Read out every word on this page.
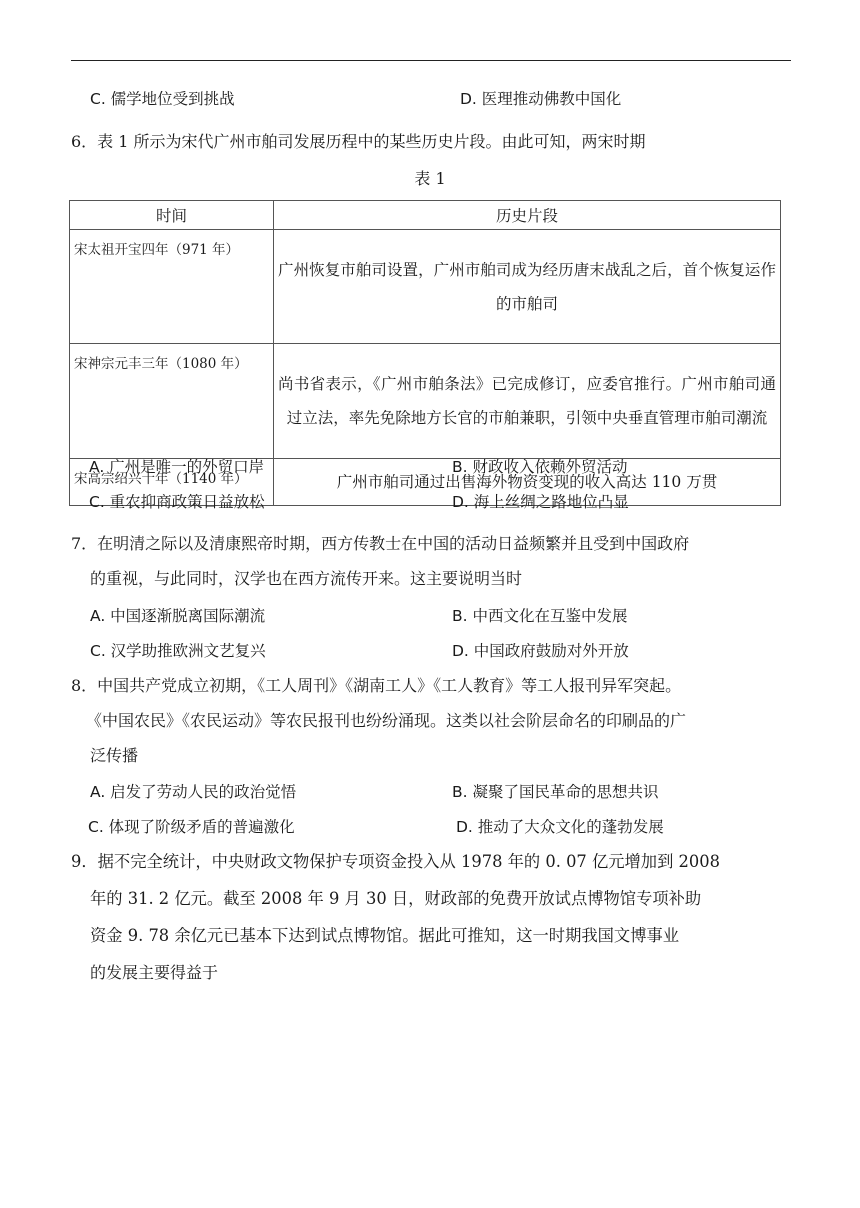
C. 儒学地位受到挑战	D. 医理推动佛教中国化
6．表 1 所示为宋代广州市舶司发展历程中的某些历史片段。由此可知，两宋时期
表 1
时间	历史片段
宋太祖开宝四年（971 年）	广州恢复市舶司设置，广州市舶司成为经历唐末战乱之后，首个恢复运作的市舶司
宋神宗元丰三年（1080 年）	尚书省表示，《广州市舶条法》已完成修订，应委官推行。广州市舶司通过立法，率先免除地方长官的市舶兼职，引领中央垂直管理市舶司潮流
宋高宗绍兴十年（1140 年）	广州市舶司通过出售海外物资变现的收入高达 110 万贯
A. 广州是唯一的外贸口岸	B. 财政收入依赖外贸活动
C. 重农抑商政策日益放松	D. 海上丝绸之路地位凸显
7．在明清之际以及清康熙帝时期，西方传教士在中国的活动日益频繁并且受到中国政府
的重视，与此同时，汉学也在西方流传开来。这主要说明当时
A. 中国逐渐脱离国际潮流	B. 中西文化在互鉴中发展
C. 汉学助推欧洲文艺复兴	D. 中国政府鼓励对外开放
8．中国共产党成立初期，《工人周刊》《湖南工人》《工人教育》等工人报刊异军突起。
《中国农民》《农民运动》等农民报刊也纷纷涌现。这类以社会阶层命名的印刷品的广
泛传播
A. 启发了劳动人民的政治觉悟	B. 凝聚了国民革命的思想共识
C. 体现了阶级矛盾的普遍激化	D. 推动了大众文化的蓬勃发展
9．据不完全统计，中央财政文物保护专项资金投入从 1978 年的 0. 07 亿元增加到 2008
年的 31. 2 亿元。截至 2008 年 9 月 30 日，财政部的免费开放试点博物馆专项补助
资金 9. 78 余亿元已基本下达到试点博物馆。据此可推知，这一时期我国文博事业
的发展主要得益于
